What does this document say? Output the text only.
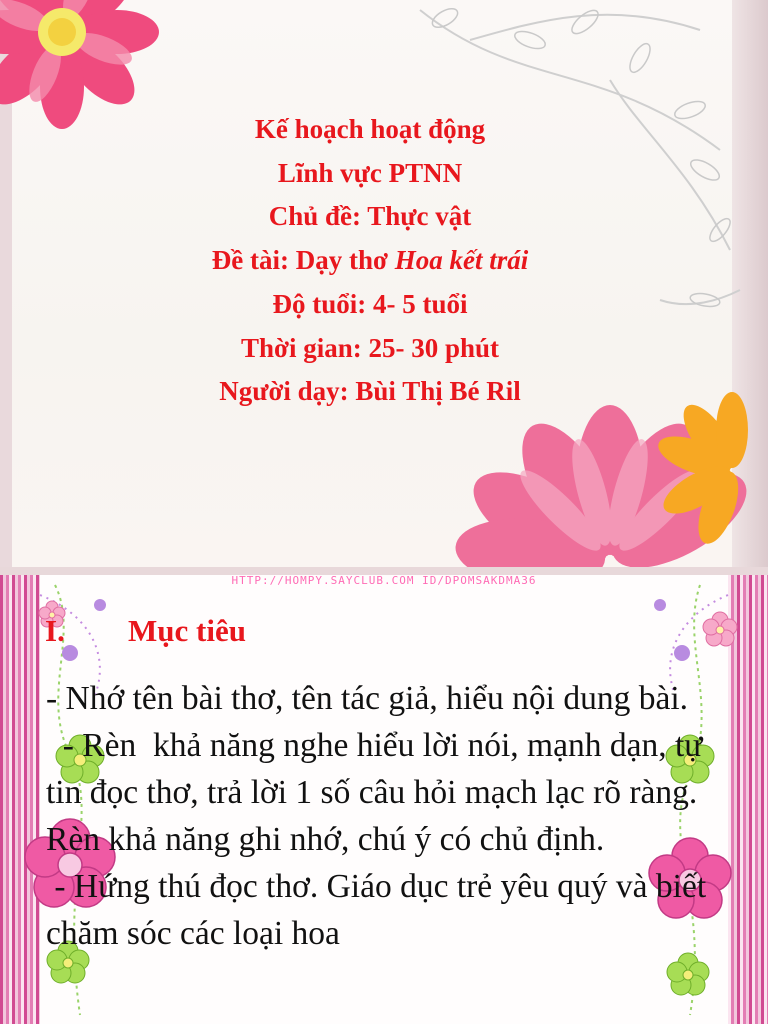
Kế hoạch hoạt động
Lĩnh vực PTNN
Chủ đề: Thực vật
Đề tài: Dạy thơ Hoa kết trái
Độ tuổi: 4- 5 tuổi
Thời gian: 25- 30 phút
Người dạy: Bùi Thị Bé Ril
HTTP://HOMPY.SAYCLUB.COM ID/DPOMSAKDMA36
I. Mục tiêu

- Nhớ tên bài thơ, tên tác giả, hiểu nội dung bài.

- Rèn  khả năng nghe hiểu lời nói, mạnh dạn, tự tin đọc thơ, trả lời 1 số câu hỏi mạch lạc rõ ràng. Rèn khả năng ghi nhớ, chú ý có chủ định.

- Hứng thú đọc thơ. Giáo dục trẻ yêu quý và biết chăm sóc các loại hoa
